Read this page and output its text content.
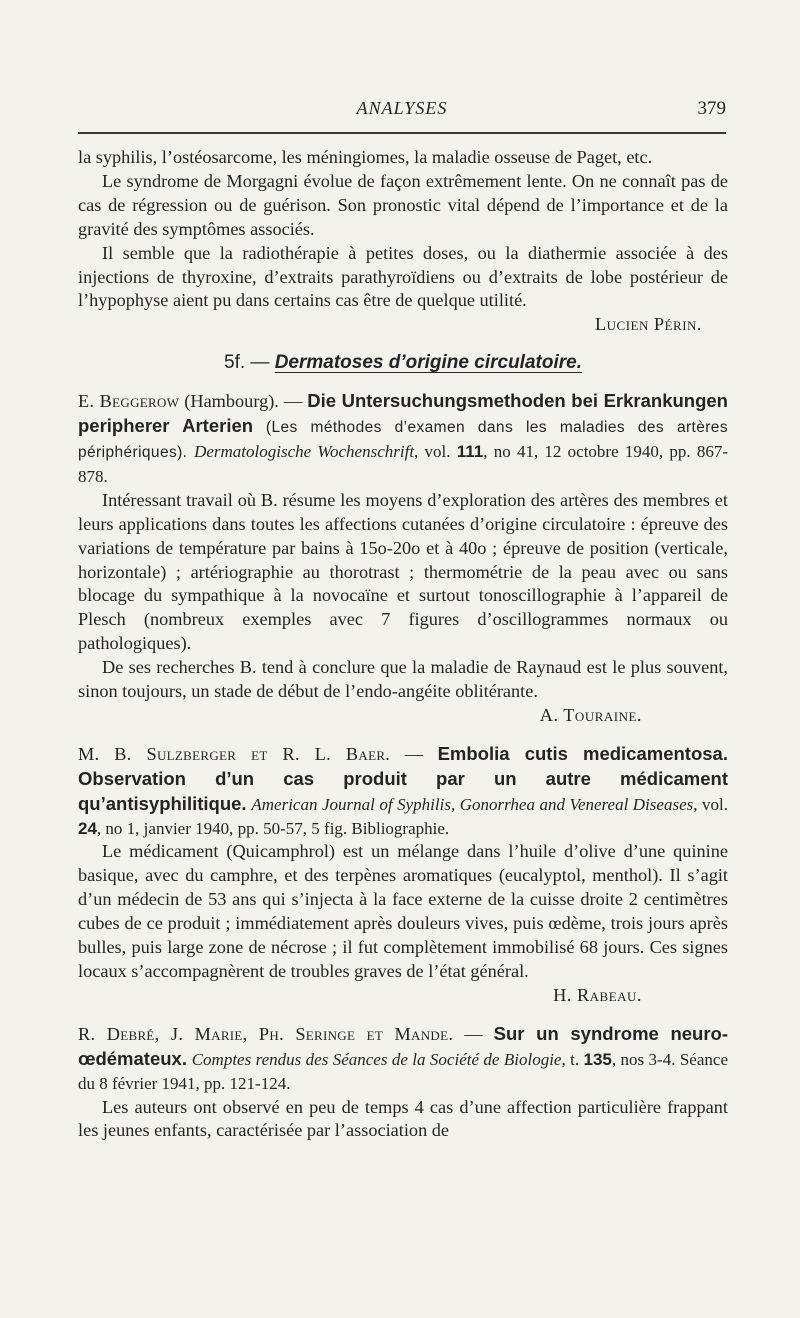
ANALYSES	379

la syphilis, l’ostéosarcome, les méningiomes, la maladie osseuse de Paget, etc.

Le syndrome de Morgagni évolue de façon extrêmement lente. On ne connaît pas de cas de régression ou de guérison. Son pronostic vital dépend de l’importance et de la gravité des symptômes associés.

Il semble que la radiothérapie à petites doses, ou la diathermie associée à des injections de thyroxine, d’extraits parathyroïdiens ou d’extraits de lobe postérieur de l’hypophyse aient pu dans certains cas être de quelque utilité.

Lucien Périn.
5f. — Dermatoses d’origine circulatoire.

E. Beggerow (Hambourg). — Die Untersuchungsmethoden bei Erkrankungen peripherer Arterien (Les méthodes d’examen dans les maladies des artères périphériques). Dermatologische Wochenschrift, vol. 111, no 41, 12 octobre 1940, pp. 867-878.

Intéressant travail où B. résume les moyens d’exploration des artères des membres et leurs applications dans toutes les affections cutanées d’origine circulatoire : épreuve des variations de température par bains à 15o-20o et à 40o ; épreuve de position (verticale, horizontale) ; artériographie au thorotrast ; thermométrie de la peau avec ou sans blocage du sympathique à la novocaïne et surtout tonoscillographie à l’appareil de Plesch (nombreux exemples avec 7 figures d’oscillogrammes normaux ou pathologiques).

De ses recherches B. tend à conclure que la maladie de Raynaud est le plus souvent, sinon toujours, un stade de début de l’endo-angéite oblitérante.

A. Touraine.

M. B. Sulzberger et R. L. Baer. — Embolia cutis medicamentosa. Observation d’un cas produit par un autre médicament qu’antisyphilitique. American Journal of Syphilis, Gonorrhea and Venereal Diseases, vol. 24, no 1, janvier 1940, pp. 50-57, 5 fig. Bibliographie.

Le médicament (Quicamphrol) est un mélange dans l’huile d’olive d’une quinine basique, avec du camphre, et des terpènes aromatiques (eucalyptol, menthol). Il s’agit d’un médecin de 53 ans qui s’injecta à la face externe de la cuisse droite 2 centimètres cubes de ce produit ; immédiatement après douleurs vives, puis œdème, trois jours après bulles, puis large zone de nécrose ; il fut complètement immobilisé 68 jours. Ces signes locaux s’accompagnèrent de troubles graves de l’état général.

H. Rabeau.

R. Debré, J. Marie, Ph. Seringe et Mande. — Sur un syndrome neuro-œdémateux. Comptes rendus des Séances de la Société de Biologie, t. 135, nos 3-4. Séance du 8 février 1941, pp. 121-124.

Les auteurs ont observé en peu de temps 4 cas d’une affection particulière frappant les jeunes enfants, caractérisée par l’association de
